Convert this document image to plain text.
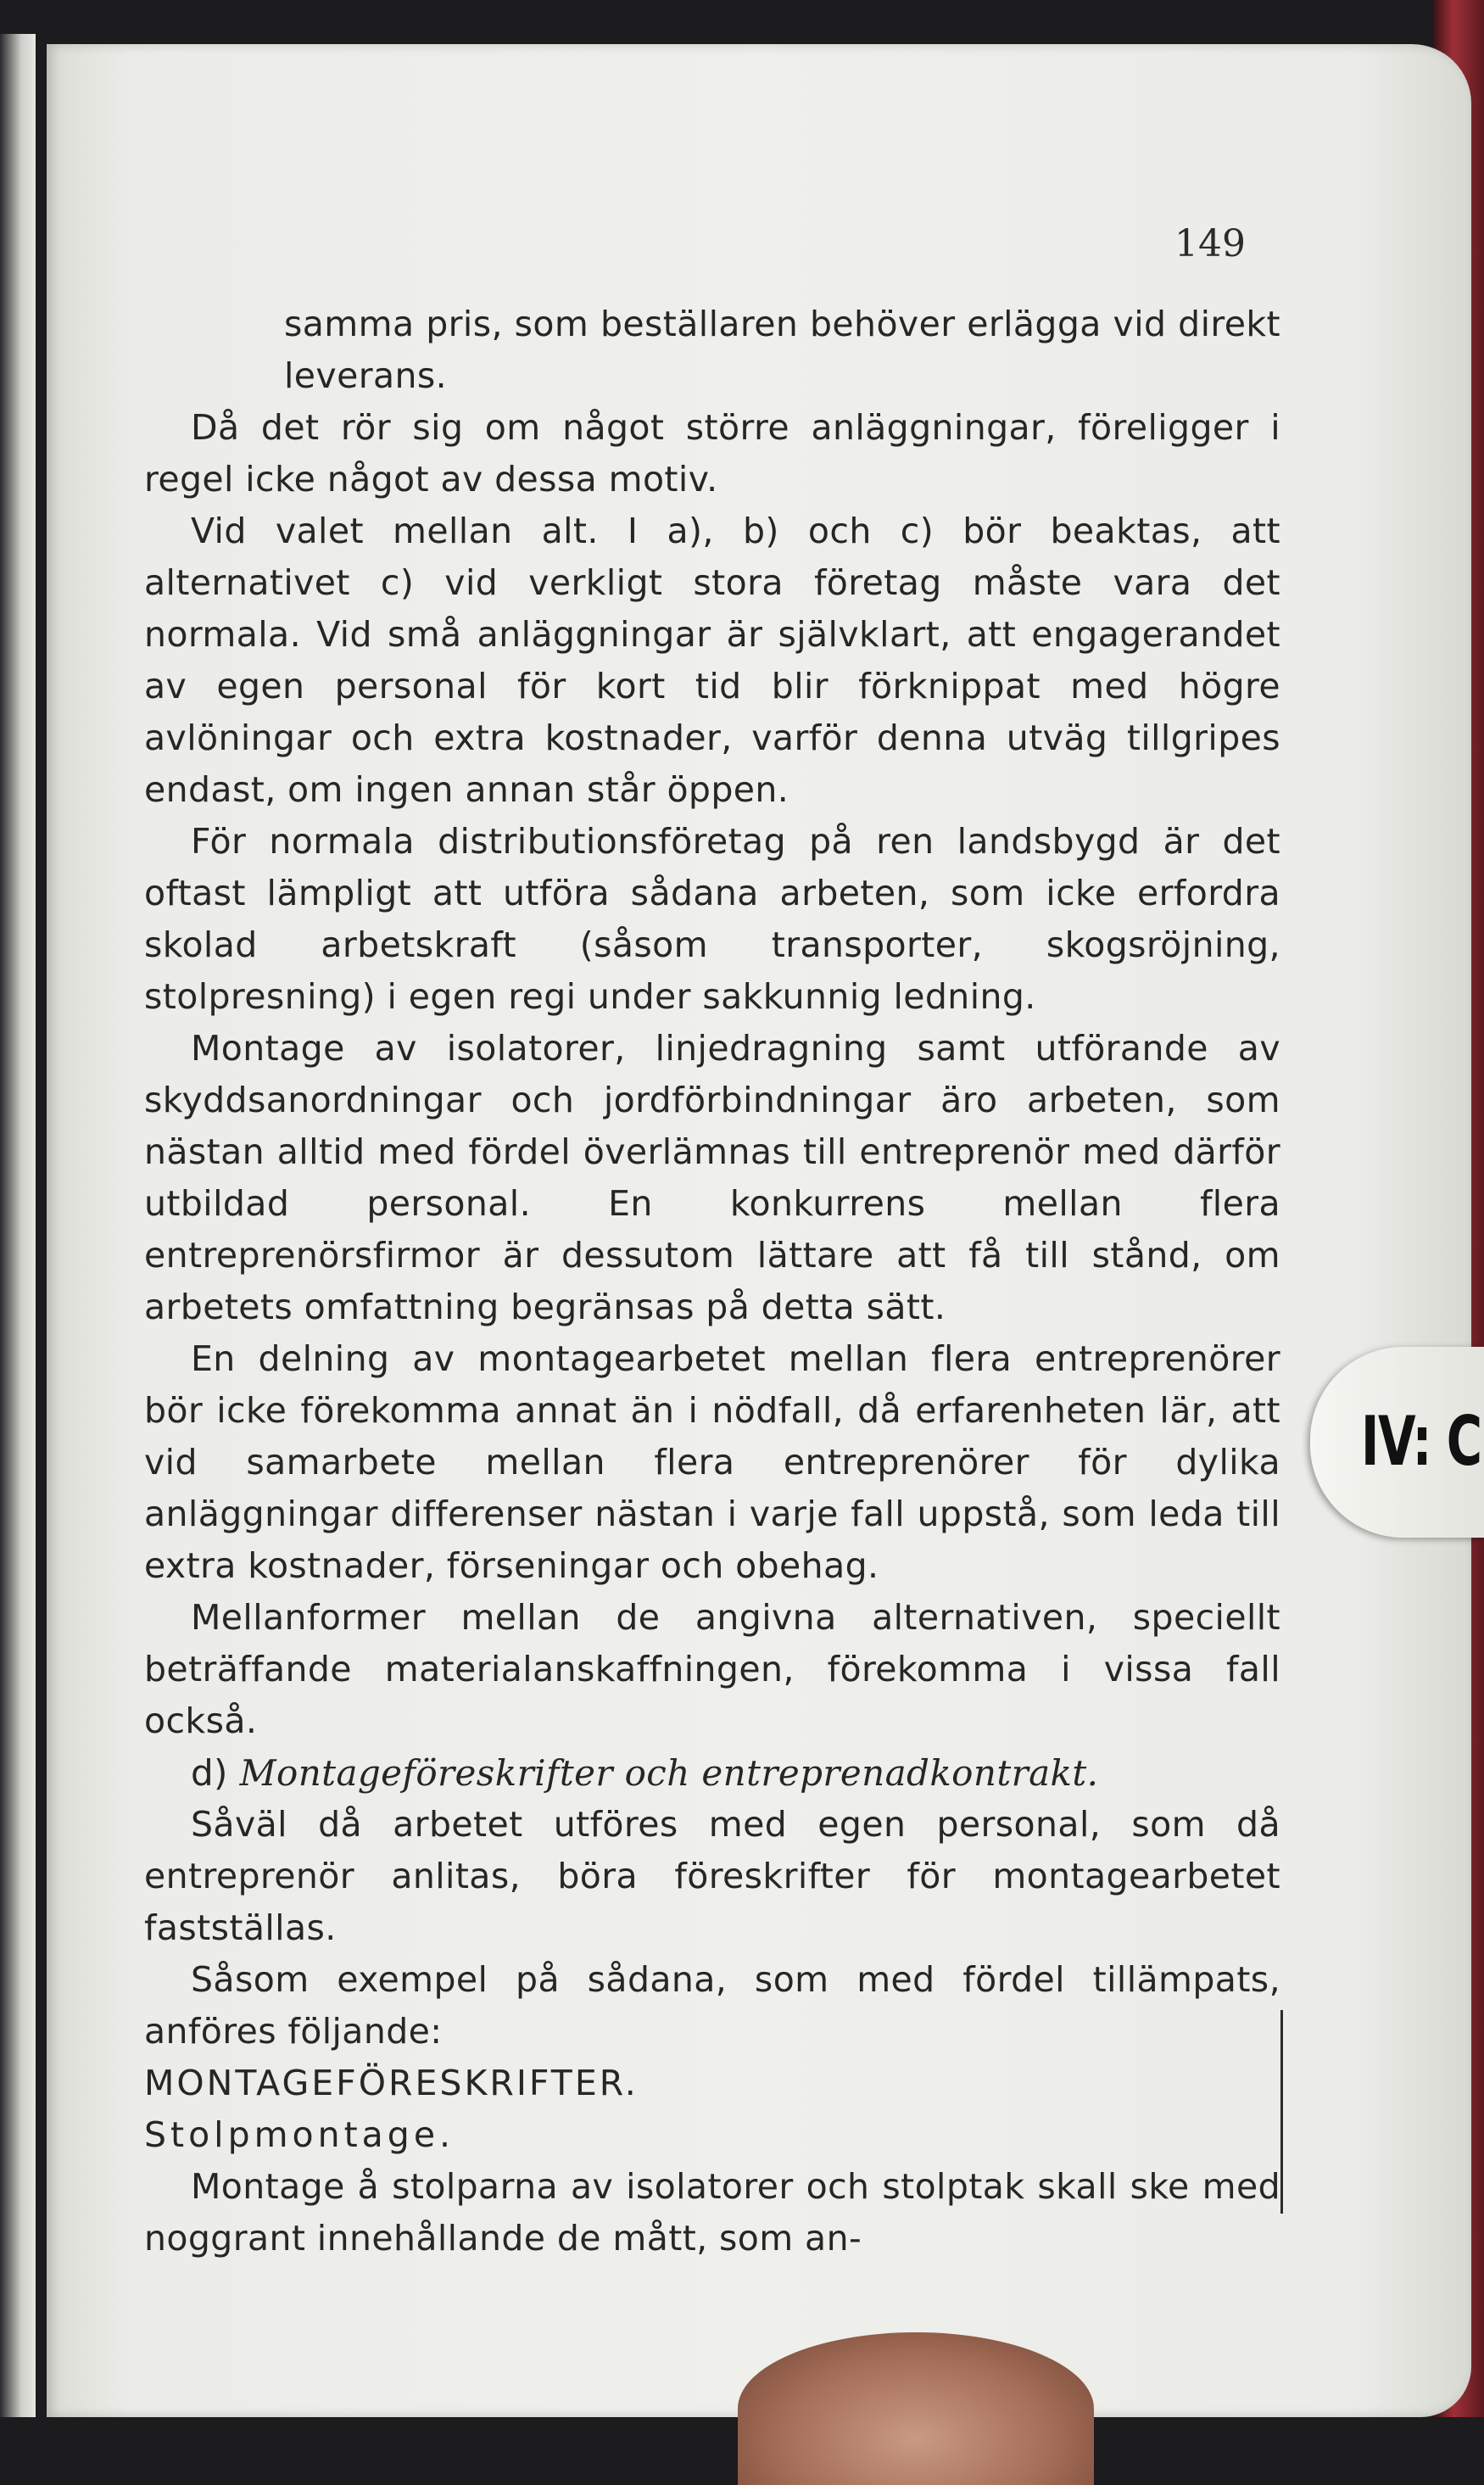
149

samma pris, som beställaren behöver erlägga vid direkt leverans.

Då det rör sig om något större anläggningar, föreligger i regel icke något av dessa motiv.

Vid valet mellan alt. I a), b) och c) bör beaktas, att alternativet c) vid verkligt stora företag måste vara det normala. Vid små anläggningar är självklart, att engagerandet av egen personal för kort tid blir förknippat med högre avlöningar och extra kostnader, varför denna utväg tillgripes endast, om ingen annan står öppen.

För normala distributionsföretag på ren landsbygd är det oftast lämpligt att utföra sådana arbeten, som icke erfordra skolad arbetskraft (såsom transporter, skogsröjning, stolpresning) i egen regi under sakkunnig ledning.

Montage av isolatorer, linjedragning samt utförande av skyddsanordningar och jordförbindningar äro arbeten, som nästan alltid med fördel överlämnas till entreprenör med därför utbildad personal. En konkurrens mellan flera entreprenörsfirmor är dessutom lättare att få till stånd, om arbetets omfattning begränsas på detta sätt.

En delning av montagearbetet mellan flera entreprenörer bör icke förekomma annat än i nödfall, då erfarenheten lär, att vid samarbete mellan flera entreprenörer för dylika anläggningar differenser nästan i varje fall uppstå, som leda till extra kostnader, förseningar och obehag.

Mellanformer mellan de angivna alternativen, speciellt beträffande materialanskaffningen, förekomma i vissa fall också.

d) Montageföreskrifter och entreprenadkontrakt.

Såväl då arbetet utföres med egen personal, som då entreprenör anlitas, böra föreskrifter för montagearbetet fastställas.

Såsom exempel på sådana, som med fördel tillämpats, anföres följande:

MONTAGEFÖRESKRIFTER.

Stolpmontage.

Montage å stolparna av isolatorer och stolptak skall ske med noggrant innehållande de mått, som an-

IV: C
